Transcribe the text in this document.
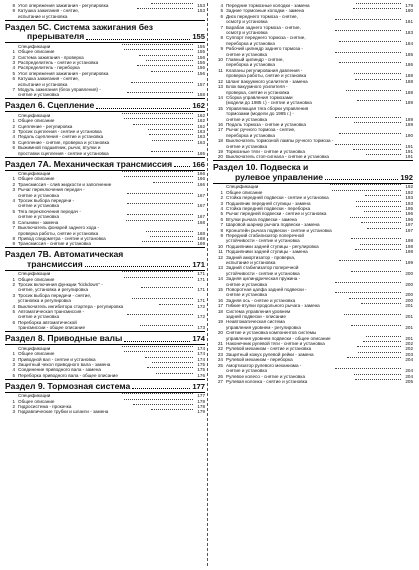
8 Угол опережения зажигания - регулировка	153
9 Катушка зажигания - снятие,	153
испытание и установка
Раздел 5С. Система зажигания без
прерывателя	155
Спецификации	155
1 Общее описание	155
2 Система зажигания - проверка	156
3 Распределитель - снятие и установка	156
4 Распределитель - переборка	156
5 Угол опережения зажигания - регулировка	156
6 Катушка зажигания - снятие,
испытание и установка	157
7 Модуль зажигания (блок управления) -
снятие и установка	158
Раздел 6. Сцепление	162
Спецификации	162
1 Общее описание	162
2 Сцепление - регулировка	162
3 Тросик сцепления - снятие и установка	163
4 Педаль сцепления - снятие и установка	163
5 Сцепление - снятие, проверка и установка	163
6 Выжимной подшипник, рычаг, втулки и
проставки сцепления - снятие и установка	165
Раздел 7А. Механическая трансмиссия	166
Спецификации	166
1 Общее описание	166
2 Трансмиссия - слив жидкости и заполнение	166
3 Рычаг переключения передач -
снятие и установка	167
4 Тросик выбора передачи -
снятие и установка	167
5 Тяга переключения передач -
снятие и установка	167
6 Сальники - замена	168
7 Выключатель фонарей заднего хода -
проверка работы, снятие и установка	168
8 Привод спидометра - снятие и установка	168
9 Трансмиссия - снятие и установка	169
Раздел 7В. Автоматическая
трансмиссия	171
Спецификации	171
1 Общее описание	171
2 Тросик включения функции "kickdown" -
снятие, установка и регулировка	171
3 Тросик выбора передачи - снятие,
установка и регулировка	171
4 Выключатель ингибитора стартера - регулировка	172
5 Автоматическая трансмиссия -
снятие и установка	172
6 Переборка автоматической
трансмиссии - общее описание	173
Раздел 8. Приводные валы	174
Спецификации	174
1 Общее описание	174
2 Приводной вал - снятие и установка	174
3 Защитный чехол приводного вала - замена	175
4 Соединение приводного вала - замена	175
5 Переборка приводного вала - общее описание	176
Раздел 9. Тормозная система	177
Спецификации	177
1 Общее описание	178
2 Гидросистема - прокачка	178
3 Гидравлические трубки и шланги - замена	179
4 Передние тормозные колодки - замена	179
5 Задние тормозные колодки - замена	180
6 Диск переднего тормоза - снятие,
осмотр и установка	181
7 Барабан заднего тормоза - снятие,
осмотр и установка	183
8 Суппорт переднего тормоза - снятие,
переборка и установка	184
9 Рабочий цилиндр заднего тормоза -
снятие и установка	185
10 Главный цилиндр - снятие,
переборка и установка	186
11 Клапаны регулирования давления -
проверка работы, снятие и установка	188
12 Шланг вакуумного усилителя - замена	188
13 Блок вакуумного усилителя -
проверка, снятие и установка	188
14 Сборка управления тормозами
(модели до 1985 г.) - снятие и установка	189
15 Управляющая тяга сборки управления
тормозами (модели до 1985 г.) -
снятие и установка	189
16 Педаль тормоза - снятие и установка	189
17 Рычаг ручного тормоза - снятие,
переборка и установка	190
18 Выключатель тормозной лампы ручного тормоза -
снятие и установка	191
19 Тормозные тяги - снятие и установка	191
20 Выключатель стоп-сигнала - снятие и установка	191
Раздел 10. Подвеска и
рулевое управление	192
Спецификации	192
1 Общее описание	192
2 Стойка передней подвески - снятие и установка	193
3 Подшипник передней ступицы - замена	193
4 Стойка передней подвески - переборка	195
5 Рычаг передней подвески - снятие и установка	196
6 Втулки рычага подвески - замена	196
7 Шаровой шарнир рычага подвески - замена	197
8 Кронштейн рычага подвески - снятие и установка	197
9 Передний стабилизатор поперечной
устойчивости - снятие и установка	198
10 Подшипники задней ступицы - регулировка	198
11 Подшипники задней ступицы - замена	198
12 Задний амортизатор - проверка,
испытание и установка	199
13 Задний стабилизатор поперечной
устойчивости - снятие и установка	200
14 Задняя цилиндрическая пружина -
снятие и установка	200
15 Поворотная цапфа задней подвески -
снятие и установка	200
16 Задняя ось - снятие и установка	200
17 Гибкие втулки продольного рычага - замена	201
18 Система управления уровнем
задней подвески - описание	201
19 Неавтоматическая система
управления уровнем - регулировка	201
20 Снятие и установка компонентов системы
управления уровнем подвески - общее описание	201
21 Наконечник рулевой тяги - снятие и установка	202
22 Рулевой механизм - снятие и установка	202
23 Защитный кожух рулевой рейки - замена	203
24 Рулевой механизм - переборка	204
25 Амортизатор рулевого механизма -
снятие и установка	204
26 Рулевое колесо - снятие и установка	204
27 Рулевая колонка - снятие и установка	205
